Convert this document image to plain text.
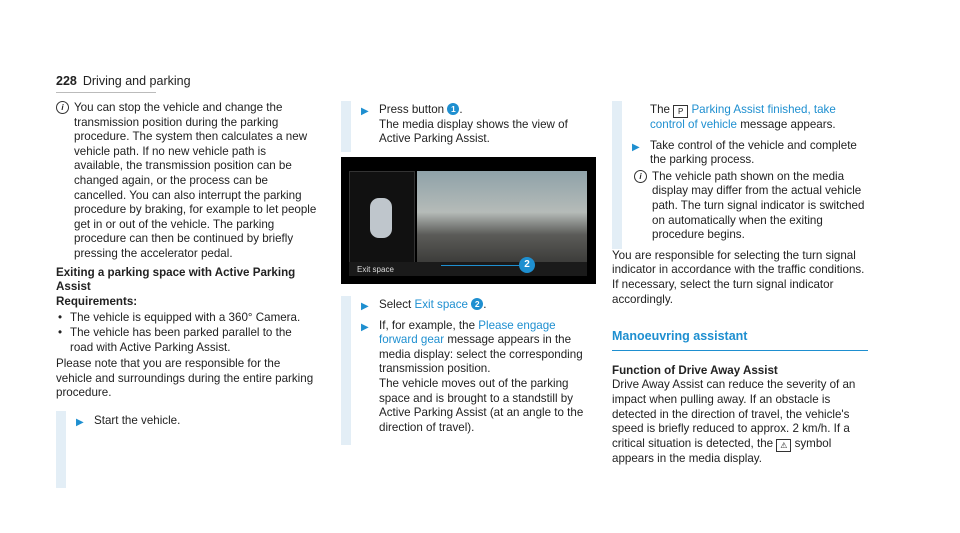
228 Driving and parking
i You can stop the vehicle and change the transmission position during the parking procedure. The system then calculates a new vehicle path. If no new vehicle path is available, the transmission position can be changed again, or the process can be cancelled. You can also interrupt the parking procedure by braking, for example to let people get in or out of the vehicle. The parking procedure can then be continued by briefly pressing the accelerator pedal.
Exiting a parking space with Active Parking Assist
Requirements:
• The vehicle is equipped with a 360° Camera.
• The vehicle has been parked parallel to the road with Active Parking Assist.
Please note that you are responsible for the vehicle and surroundings during the entire parking procedure.
▶ Start the vehicle.
▶ Press button 1 .
The media display shows the view of Active Parking Assist.
Exit space	2
▶ Select Exit space 2 .
▶ If, for example, the Please engage forward gear message appears in the media display: select the corresponding transmission position.
The vehicle moves out of the parking space and is brought to a standstill by Active Parking Assist (at an angle to the direction of travel).
The P Parking Assist finished, take control of vehicle message appears.
▶ Take control of the vehicle and complete the parking process.
i The vehicle path shown on the media display may differ from the actual vehicle path. The turn signal indicator is switched on automatically when the exiting procedure begins.
You are responsible for selecting the turn signal indicator in accordance with the traffic conditions. If necessary, select the turn signal indicator accordingly.
Manoeuvring assistant
Function of Drive Away Assist
Drive Away Assist can reduce the severity of an impact when pulling away. If an obstacle is detected in the direction of travel, the vehicle's speed is briefly reduced to approx. 2 km/h. If a critical situation is detected, the ⚠ symbol appears in the media display.
